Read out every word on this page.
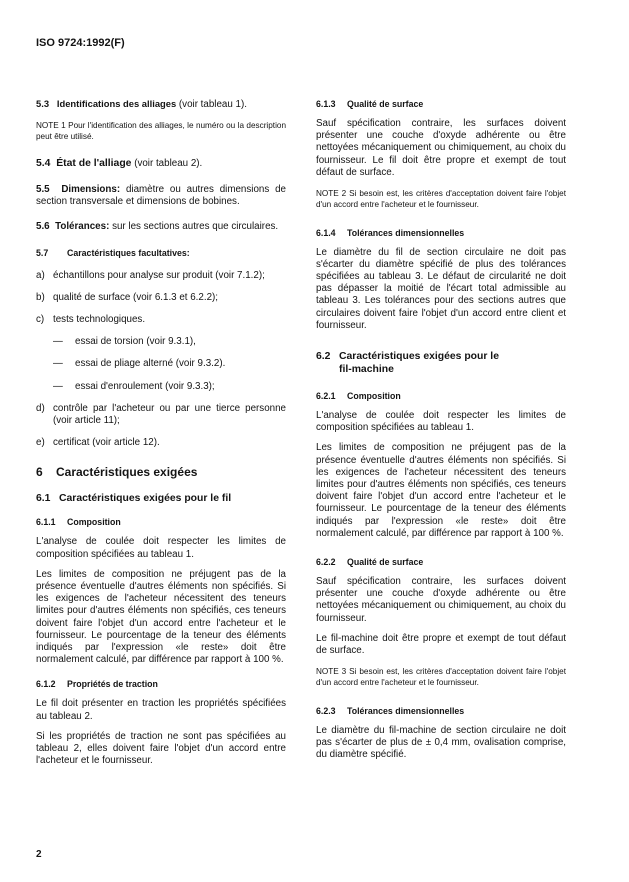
ISO 9724:1992(F)

5.3 Identifications des alliages (voir tableau 1).

NOTE 1 Pour l'identification des alliages, le numéro ou la description peut être utilisé.

5.4 État de l'alliage (voir tableau 2).

5.5 Dimensions: diamètre ou autres dimensions de section transversale et dimensions de bobines.

5.6 Tolérances: sur les sections autres que circulaires.

5.7 Caractéristiques facultatives:

a) échantillons pour analyse sur produit (voir 7.1.2);
b) qualité de surface (voir 6.1.3 et 6.2.2);
c) tests technologiques.
—	essai de torsion (voir 9.3.1),
—	essai de pliage alterné (voir 9.3.2).
—	essai d'enroulement (voir 9.3.3);
d) contrôle par l'acheteur ou par une tierce personne (voir article 11);
e) certificat (voir article 12).

6 Caractéristiques exigées

6.1 Caractéristiques exigées pour le fil

6.1.1 Composition

L'analyse de coulée doit respecter les limites de composition spécifiées au tableau 1.

Les limites de composition ne préjugent pas de la présence éventuelle d'autres éléments non spécifiés. Si les exigences de l'acheteur nécessitent des teneurs limites pour d'autres éléments non spécifiés, ces teneurs doivent faire l'objet d'un accord entre l'acheteur et le fournisseur. Le pourcentage de la teneur des éléments indiqués par l'expression «le reste» doit être normalement calculé, par différence par rapport à 100 %.

6.1.2 Propriétés de traction

Le fil doit présenter en traction les propriétés spécifiées au tableau 2.

Si les propriétés de traction ne sont pas spécifiées au tableau 2, elles doivent faire l'objet d'un accord entre l'acheteur et le fournisseur.

6.1.3 Qualité de surface

Sauf spécification contraire, les surfaces doivent présenter une couche d'oxyde adhérente ou être nettoyées mécaniquement ou chimiquement, au choix du fournisseur. Le fil doit être propre et exempt de tout défaut de surface.

NOTE 2 Si besoin est, les critères d'acceptation doivent faire l'objet d'un accord entre l'acheteur et le fournisseur.

6.1.4 Tolérances dimensionnelles

Le diamètre du fil de section circulaire ne doit pas s'écarter du diamètre spécifié de plus des tolérances spécifiées au tableau 3. Le défaut de circularité ne doit pas dépasser la moitié de l'écart total admissible au tableau 3. Les tolérances pour des sections autres que circulaires doivent faire l'objet d'un accord entre client et fournisseur.

6.2 Caractéristiques exigées pour le fil-machine

6.2.1 Composition

L'analyse de coulée doit respecter les limites de composition spécifiées au tableau 1.

Les limites de composition ne préjugent pas de la présence éventuelle d'autres éléments non spécifiés. Si les exigences de l'acheteur nécessitent des teneurs limites pour d'autres éléments non spécifiés, ces teneurs doivent faire l'objet d'un accord entre l'acheteur et le fournisseur. Le pourcentage de la teneur des éléments indiqués par l'expression «le reste» doit être normalement calculé, par différence par rapport à 100 %.

6.2.2 Qualité de surface

Sauf spécification contraire, les surfaces doivent présenter une couche d'oxyde adhérente ou être nettoyées mécaniquement ou chimiquement, au choix du fournisseur.

Le fil-machine doit être propre et exempt de tout défaut de surface.

NOTE 3 Si besoin est, les critères d'acceptation doivent faire l'objet d'un accord entre l'acheteur et le fournisseur.

6.2.3 Tolérances dimensionnelles

Le diamètre du fil-machine de section circulaire ne doit pas s'écarter de plus de ± 0,4 mm, ovalisation comprise, du diamètre spécifié.

2
